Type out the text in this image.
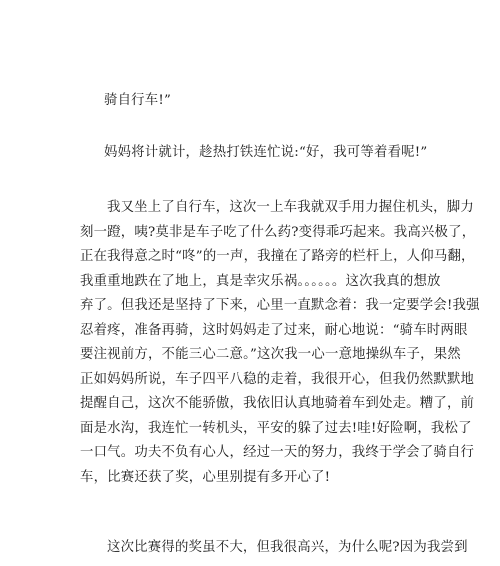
骑自行车!”

妈妈将计就计，趁热打铁连忙说:“好，我可等着看呢!”

我又坐上了自行车，这次一上车我就双手用力握住机头，脚力
刻一蹬，咦?莫非是车子吃了什么药?变得乖巧起来。我高兴极了，
正在我得意之时“咚”的一声，我撞在了路旁的栏杆上，人仰马翻，
我重重地跌在了地上，真是幸灾乐祸。。。。。。这次我真的想放
弃了。但我还是坚持了下来，心里一直默念着：我一定要学会!我强
忍着疼，准备再骑，这时妈妈走了过来，耐心地说：“骑车时两眼
要注视前方，不能三心二意。”这次我一心一意地操纵车子，果然
正如妈妈所说，车子四平八稳的走着，我很开心，但我仍然默默地
提醒自己，这次不能骄傲，我依旧认真地骑着车到处走。糟了，前
面是水沟，我连忙一转机头，平安的躲了过去!哇!好险啊，我松了
一口气。功夫不负有心人，经过一天的努力，我终于学会了骑自行
车，比赛还获了奖，心里别提有多开心了!

这次比赛得的奖虽不大，但我很高兴，为什么呢?因为我尝到
